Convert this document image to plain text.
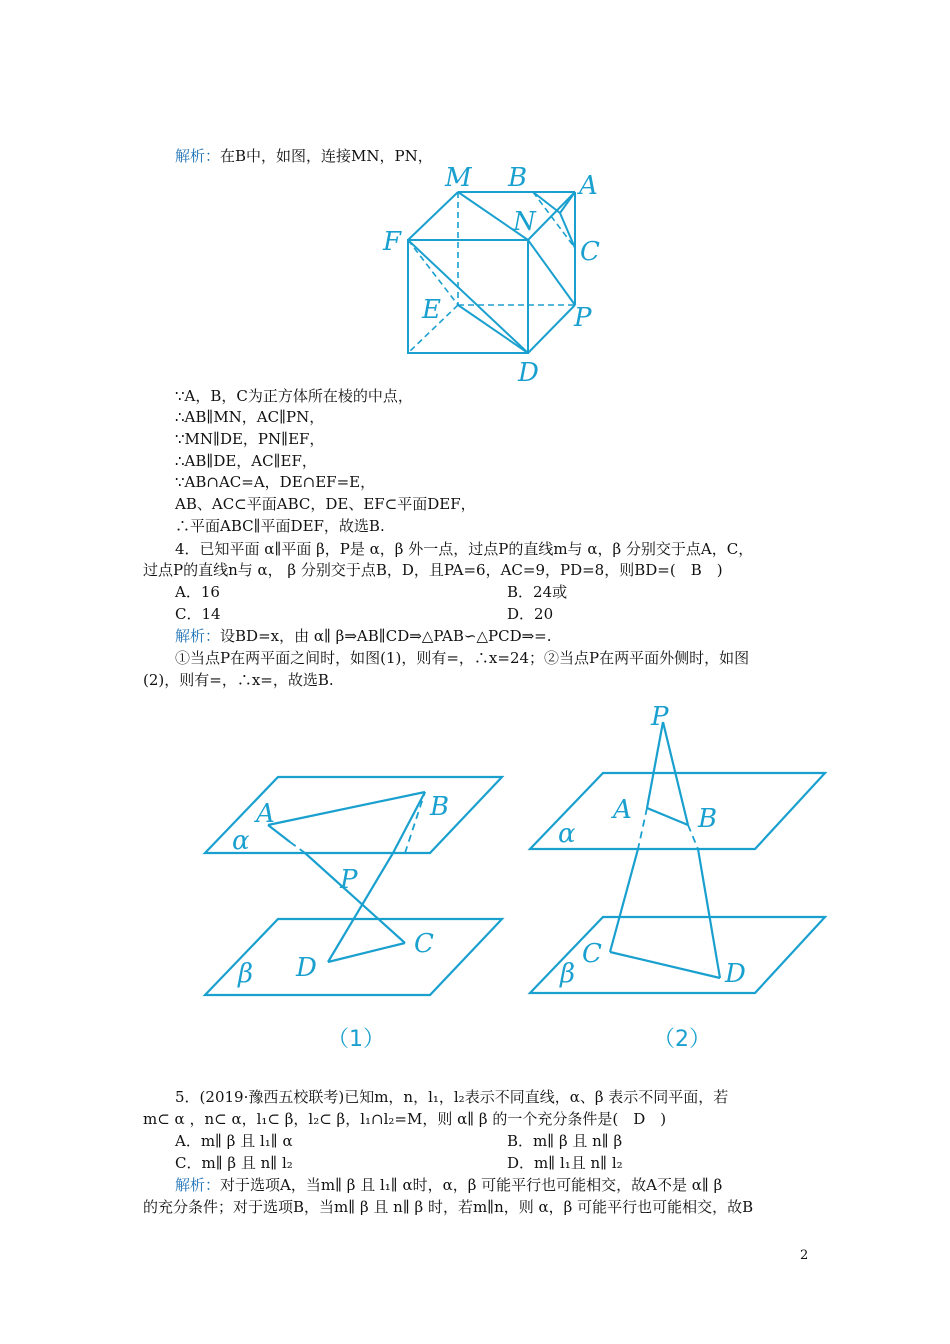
解析：在B中，如图，连接MN，PN，
M B A
N
F	C
E	P
D
∵A，B，C为正方体所在棱的中点，
∴AB∥MN，AC∥PN，
∵MN∥DE，PN∥EF，
∴AB∥DE，AC∥EF，
∵AB∩AC=A，DE∩EF=E，
AB、AC⊂平面ABC，DE、EF⊂平面DEF，
∴平面ABC∥平面DEF，故选B.
4．已知平面 α∥平面 β，P是 α，β 外一点，过点P的直线m与 α，β 分别交于点A，C，
过点P的直线n与 α， β 分别交于点B，D，且PA=6，AC=9，PD=8，则BD=(　B　)
A．16	B．24或
C．14	D．20
解析：设BD=x，由 α∥ β⇒AB∥CD⇒△PAB∽△PCD⇒=.
①当点P在两平面之间时，如图(1)，则有=，∴x=24；②当点P在两平面外侧时，如图
(2)，则有=，∴x=，故选B.
A	B
α
P
C
D
β
P
A	B
α
C
D
β
（1）	（2）
5．(2019·豫西五校联考)已知m，n，l₁，l₂表示不同直线，α、β 表示不同平面，若
m⊂ α ，n⊂ α，l₁⊂ β，l₂⊂ β，l₁∩l₂=M，则 α∥ β 的一个充分条件是(　D　)
A．m∥ β 且 l₁∥ α	B．m∥ β 且 n∥ β
C．m∥ β 且 n∥ l₂	D．m∥ l₁且 n∥ l₂
解析：对于选项A，当m∥ β 且 l₁∥ α时，α，β 可能平行也可能相交，故A不是 α∥ β
的充分条件；对于选项B，当m∥ β 且 n∥ β 时，若m∥n，则 α，β 可能平行也可能相交，故B
2
